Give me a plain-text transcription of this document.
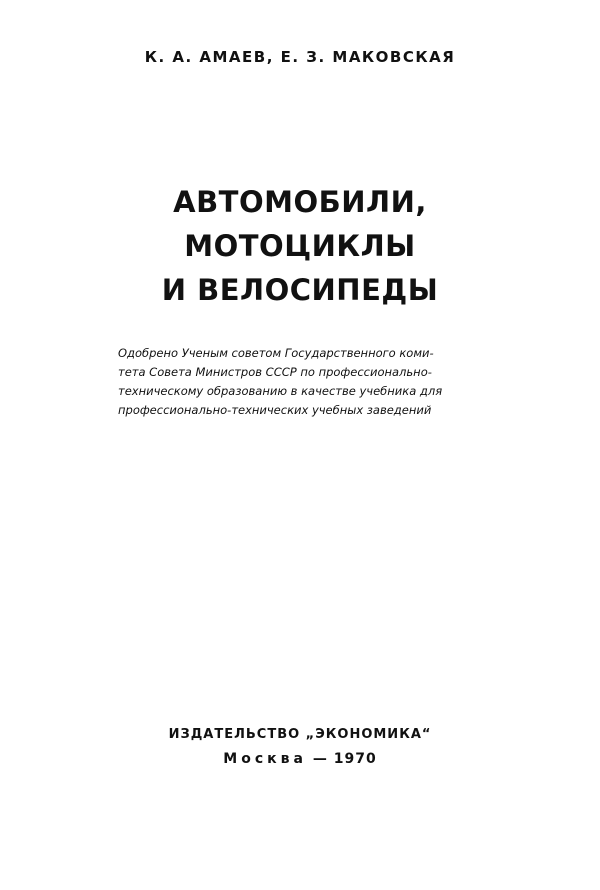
К. А. АМАЕВ, Е. З. МАКОВСКАЯ
АВТОМОБИЛИ,
МОТОЦИКЛЫ
И ВЕЛОСИПЕДЫ
Одобрено Ученым советом Государственного коми-
тета Совета Министров СССР по профессионально-
техническому образованию в качестве учебника для
профессионально-технических учебных заведений
ИЗДАТЕЛЬСТВО „ЭКОНОМИКА“
Москва — 1970
